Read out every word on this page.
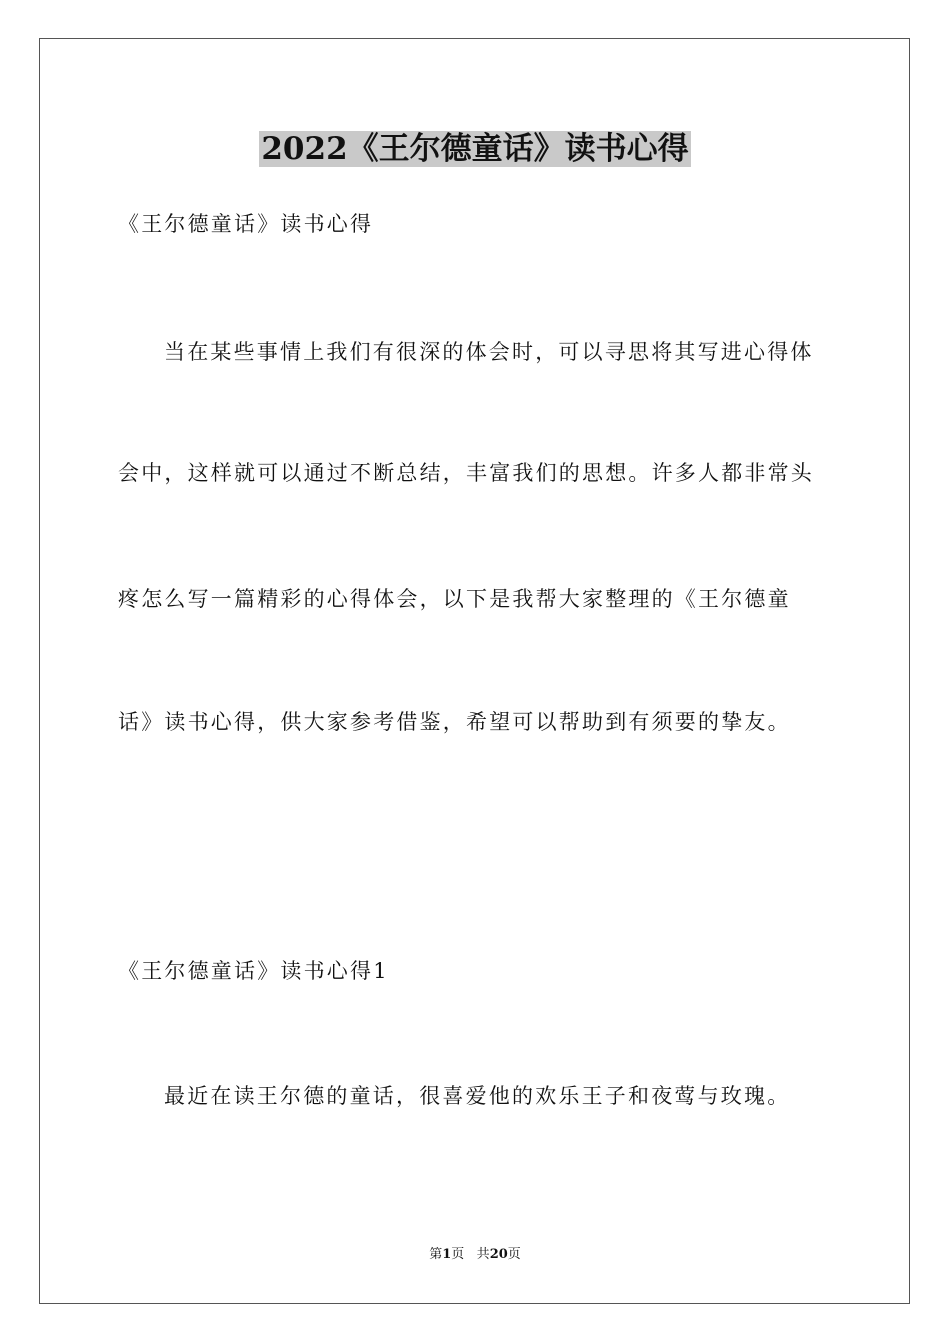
2022《王尔德童话》读书心得
《王尔德童话》读书心得
当在某些事情上我们有很深的体会时，可以寻思将其写进心得体
会中，这样就可以通过不断总结，丰富我们的思想。许多人都非常头
疼怎么写一篇精彩的心得体会，以下是我帮大家整理的《王尔德童
话》读书心得，供大家参考借鉴，希望可以帮助到有须要的挚友。
《王尔德童话》读书心得1
最近在读王尔德的童话，很喜爱他的欢乐王子和夜莺与玫瑰。
第1页 共20页
